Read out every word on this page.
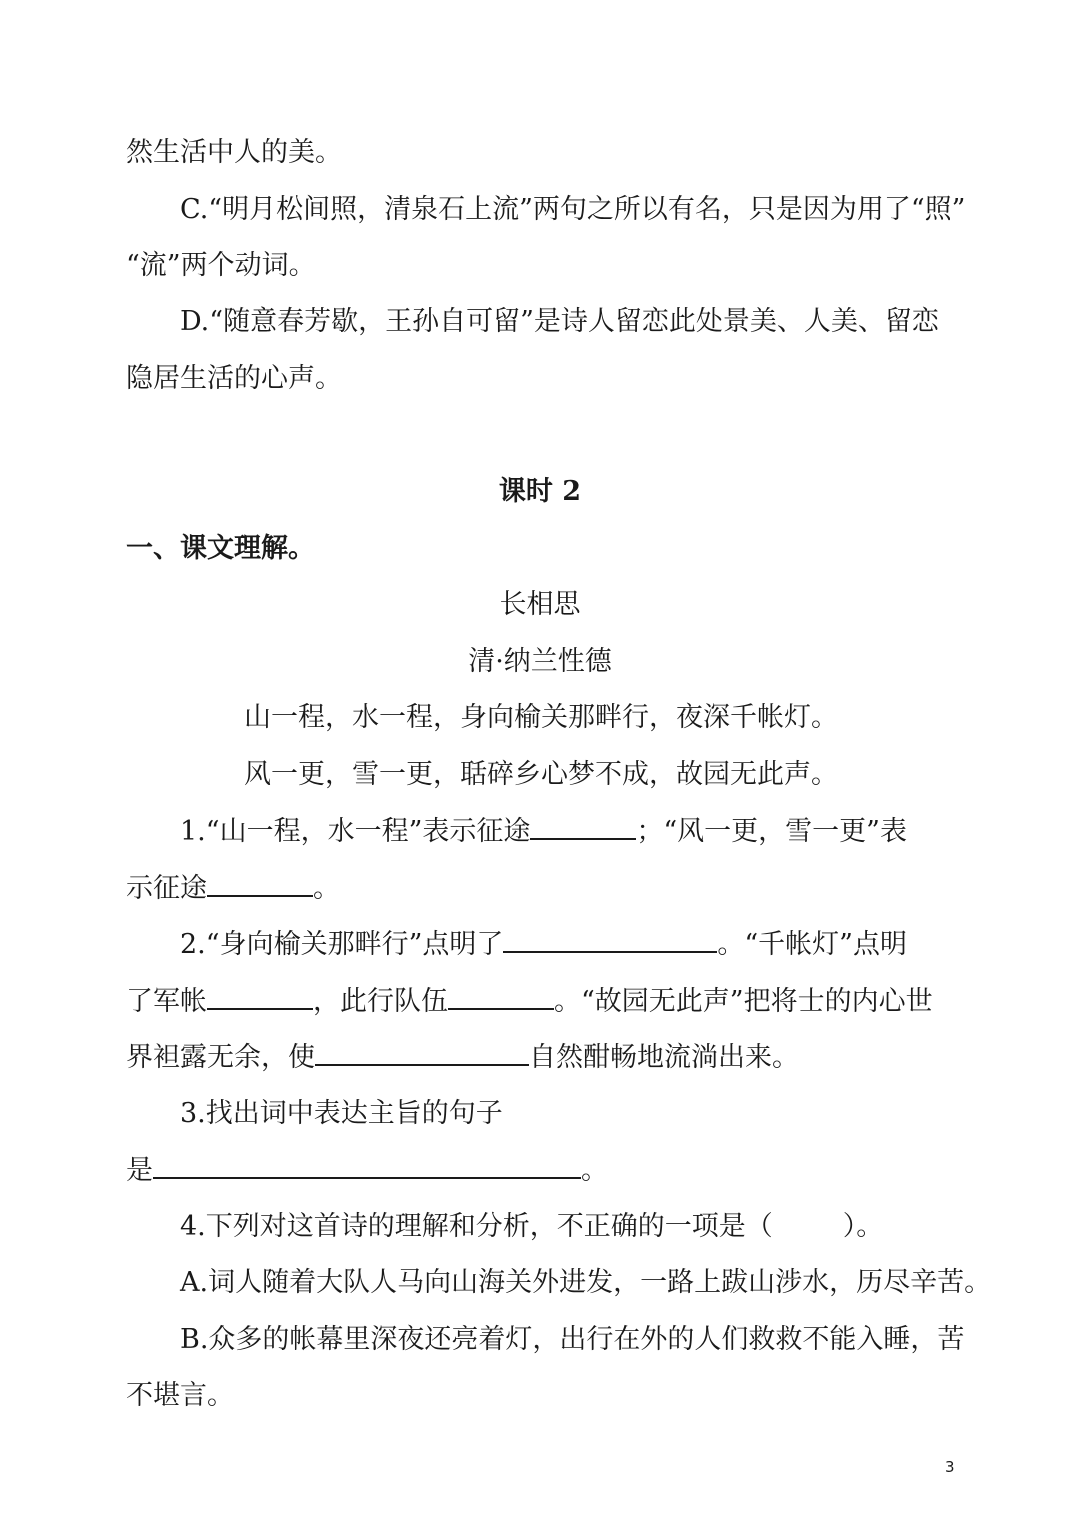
然生活中人的美。
C.“明月松间照，清泉石上流”两句之所以有名，只是因为用了“照”
“流”两个动词。
D.“随意春芳歇，王孙自可留”是诗人留恋此处景美、人美、留恋
隐居生活的心声。
课时 2
一、课文理解。
长相思
清·纳兰性德
山一程，水一程，身向榆关那畔行，夜深千帐灯。
风一更，雪一更，聒碎乡心梦不成，故园无此声。
1.“山一程，水一程”表示征途	；“风一更，雪一更”表
示征途	。
2.“身向榆关那畔行”点明了	。“千帐灯”点明
了军帐	，此行队伍	。“故园无此声”把将士的内心世
界袒露无余，使	自然酣畅地流淌出来。
3.找出词中表达主旨的句子
是	。
4.下列对这首诗的理解和分析，不正确的一项是（	）。
A.词人随着大队人马向山海关外进发，一路上跋山涉水，历尽辛苦。
B.众多的帐幕里深夜还亮着灯，出行在外的人们救救不能入睡，苦
不堪言。
3
